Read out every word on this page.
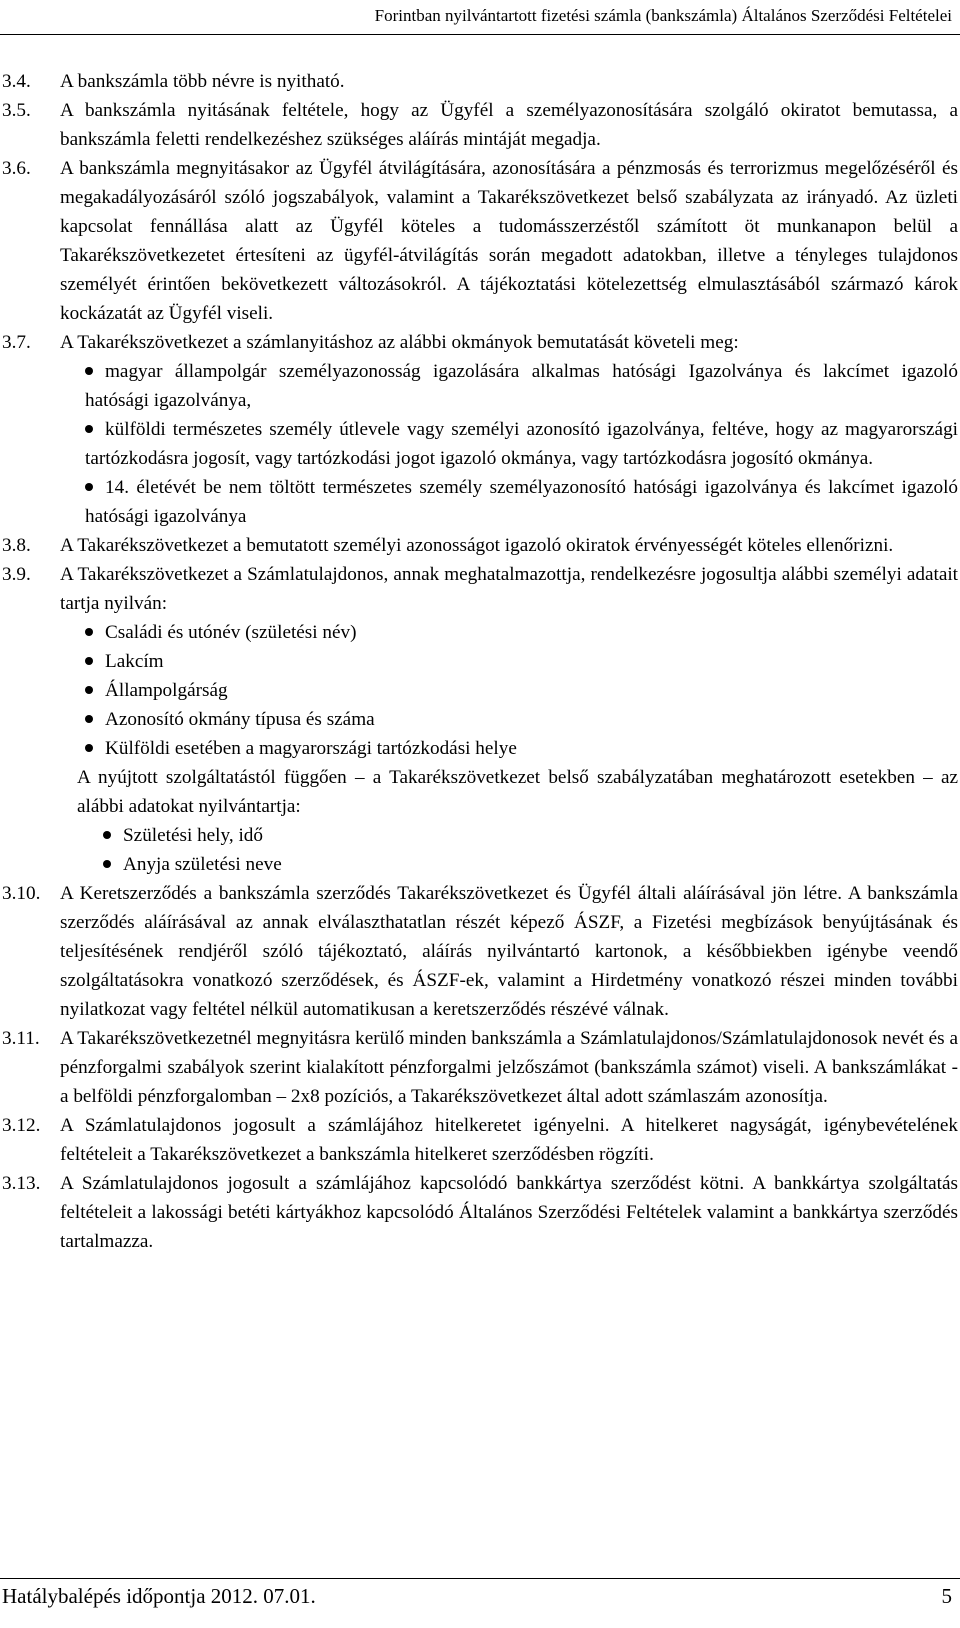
Forintban nyilvántartott fizetési számla (bankszámla) Általános Szerződési Feltételei
3.4.	A bankszámla több névre is nyitható.

3.5.	A bankszámla nyitásának feltétele, hogy az Ügyfél a személyazonosítására szolgáló okiratot bemutassa, a bankszámla feletti rendelkezéshez szükséges aláírás mintáját megadja.

3.6.	A bankszámla megnyitásakor az Ügyfél átvilágítására, azonosítására a pénzmosás és terrorizmus megelőzéséről és megakadályozásáról szóló jogszabályok, valamint a Takarékszövetkezet belső szabályzata az irányadó. Az üzleti kapcsolat fennállása alatt az Ügyfél köteles a tudomásszerzéstől számított öt munkanapon belül a Takarékszövetkezetet értesíteni az ügyfél-átvilágítás során megadott adatokban, illetve a tényleges tulajdonos személyét érintően bekövetkezett változásokról. A tájékoztatási kötelezettség elmulasztásából származó károk kockázatát az Ügyfél viseli.

3.7.	A Takarékszövetkezet a számlanyitáshoz az alábbi okmányok bemutatását követeli meg:

magyar állampolgár személyazonosság igazolására alkalmas hatósági Igazolványa és lakcímet igazoló hatósági igazolványa,
külföldi természetes személy útlevele vagy személyi azonosító igazolványa, feltéve, hogy az magyarországi tartózkodásra jogosít, vagy tartózkodási jogot igazoló okmánya, vagy tartózkodásra jogosító okmánya.
14. életévét be nem töltött természetes személy személyazonosító hatósági igazolványa és lakcímet igazoló hatósági igazolványa
3.8.	A Takarékszövetkezet a bemutatott személyi azonosságot igazoló okiratok érvényességét köteles ellenőrizni.

3.9.	A Takarékszövetkezet a Számlatulajdonos, annak meghatalmazottja, rendelkezésre jogosultja alábbi személyi adatait tartja nyilván:

Családi és utónév (születési név)
Lakcím
Állampolgárság
Azonosító okmány típusa és száma
Külföldi esetében a magyarországi tartózkodási helye

A nyújtott szolgáltatástól függően – a Takarékszövetkezet belső szabályzatában meghatározott esetekben – az alábbi adatokat nyilvántartja:

Születési hely, idő
Anyja születési neve
3.10.	A Keretszerződés a bankszámla szerződés Takarékszövetkezet és Ügyfél általi aláírásával jön létre. A bankszámla szerződés aláírásával az annak elválaszthatatlan részét képező ÁSZF, a Fizetési megbízások benyújtásának és teljesítésének rendjéről szóló tájékoztató, aláírás nyilvántartó kartonok, a későbbiekben igénybe veendő szolgáltatásokra vonatkozó szerződések, és ÁSZF-ek, valamint a Hirdetmény vonatkozó részei minden további nyilatkozat vagy feltétel nélkül automatikusan a keretszerződés részévé válnak.

3.11.	A Takarékszövetkezetnél megnyitásra kerülő minden bankszámla a Számlatulajdonos/Számlatulajdonosok nevét és a pénzforgalmi szabályok szerint kialakított pénzforgalmi jelzőszámot (bankszámla számot) viseli. A bankszámlákat - a belföldi pénzforgalomban – 2x8 pozíciós, a Takarékszövetkezet által adott számlaszám azonosítja.

3.12.	A Számlatulajdonos jogosult a számlájához hitelkeretet igényelni. A hitelkeret nagyságát, igénybevételének feltételeit a Takarékszövetkezet a bankszámla hitelkeret szerződésben rögzíti.

3.13.	A Számlatulajdonos jogosult a számlájához kapcsolódó bankkártya szerződést kötni. A bankkártya szolgáltatás feltételeit a lakossági betéti kártyákhoz kapcsolódó Általános Szerződési Feltételek valamint a bankkártya szerződés tartalmazza.

Hatálybalépés időpontja 2012. 07.01.	5
